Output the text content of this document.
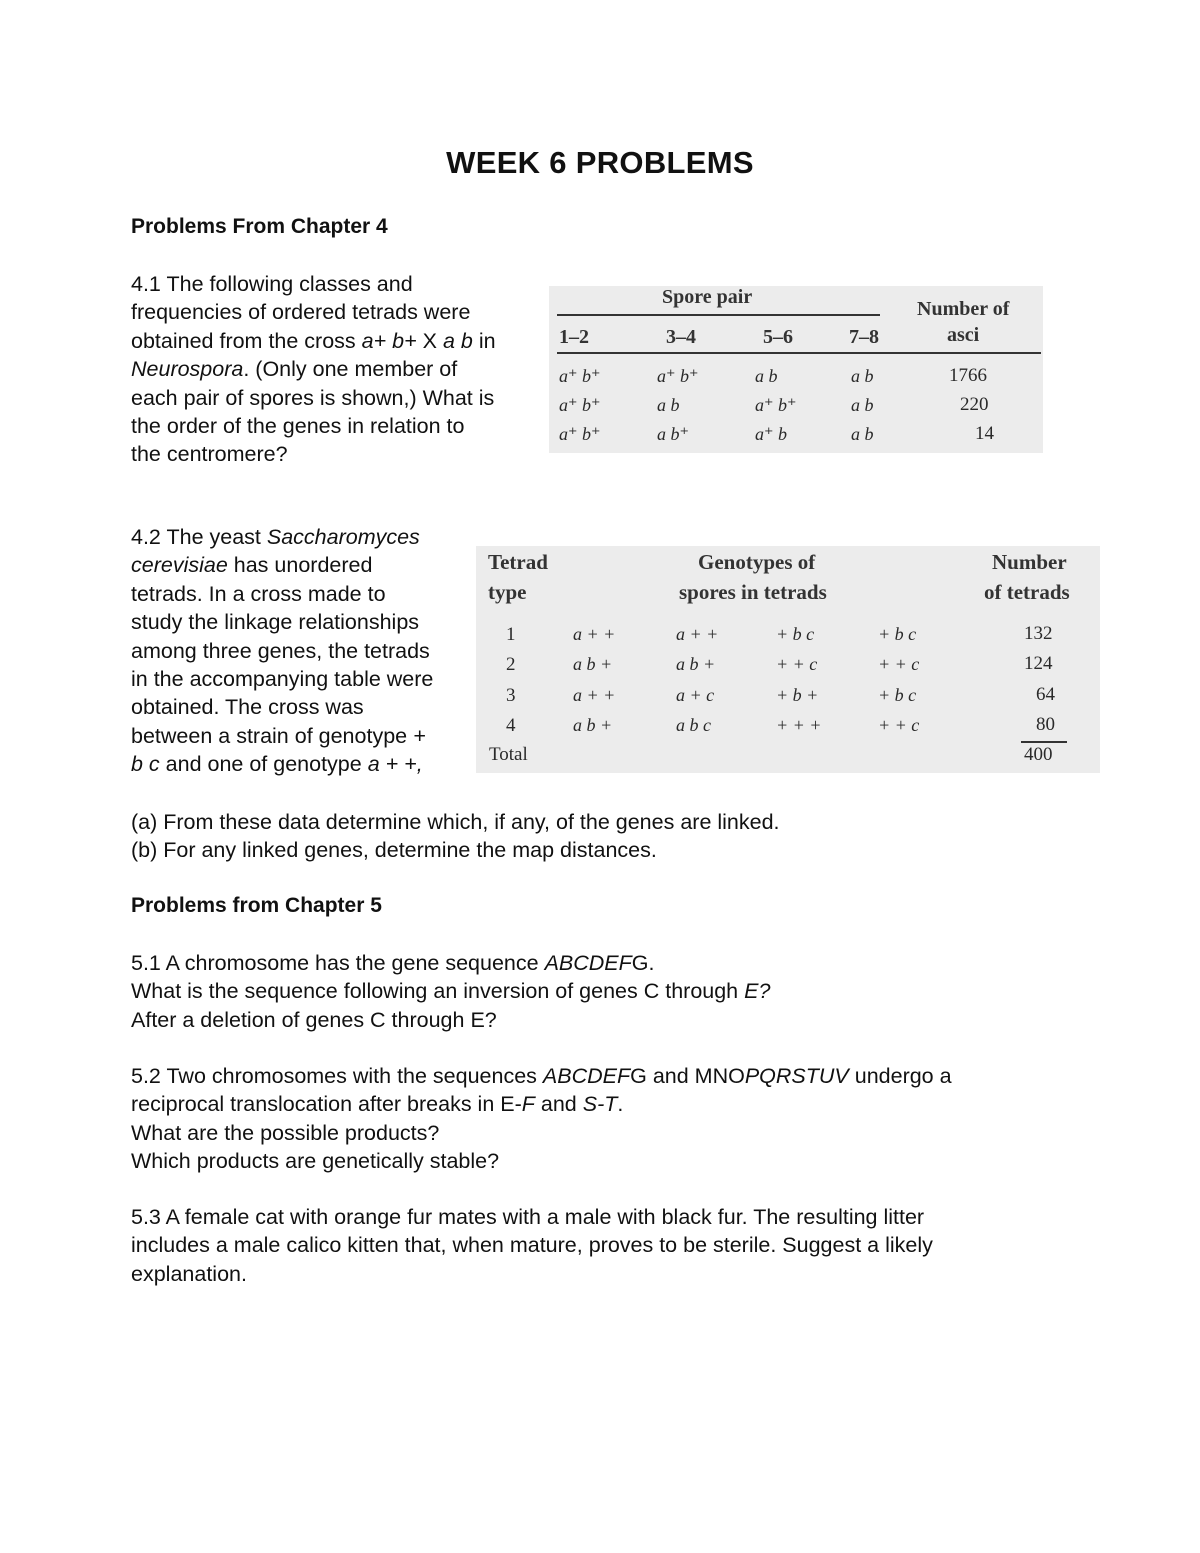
WEEK 6 PROBLEMS
Problems From Chapter 4
4.1 The following classes and
frequencies of ordered tetrads were
obtained from the cross a+ b+ X a b in
Neurospora. (Only one member of
each pair of spores is shown,) What is
the order of the genes in relation to
the centromere?
Spore pair
Number of
asci
1–2	3–4	5–6	7–8
a⁺ b⁺	a⁺ b⁺	a b	a b	1766
a⁺ b⁺	a b	a⁺ b⁺	a b	220
a⁺ b⁺	a b⁺	a⁺ b	a b	14
4.2 The yeast Saccharomyces
cerevisiae has unordered
tetrads. In a cross made to
study the linkage relationships
among three genes, the tetrads
in the accompanying table were
obtained. The cross was
between a strain of genotype +
b c and one of genotype a + +,
Tetrad
type
Genotypes of
spores in tetrads
Number
of tetrads
1	a + +	a + +	+ b c	+ b c	132
2	a b +	a b +	+ + c	+ + c	124
3	a + +	a + c	+ b +	+ b c	64
4	a b +	a b c	+ + +	+ + c	80
Total	400
(a) From these data determine which, if any, of the genes are linked.
(b) For any linked genes, determine the map distances.
Problems from Chapter 5
5.1 A chromosome has the gene sequence ABCDEFG.
What is the sequence following an inversion of genes C through E?
After a deletion of genes C through E?
5.2 Two chromosomes with the sequences ABCDEFG and MNOPQRSTUV undergo a
reciprocal translocation after breaks in E-F and S-T.
What are the possible products?
Which products are genetically stable?
5.3 A female cat with orange fur mates with a male with black fur. The resulting litter
includes a male calico kitten that, when mature, proves to be sterile. Suggest a likely
explanation.
